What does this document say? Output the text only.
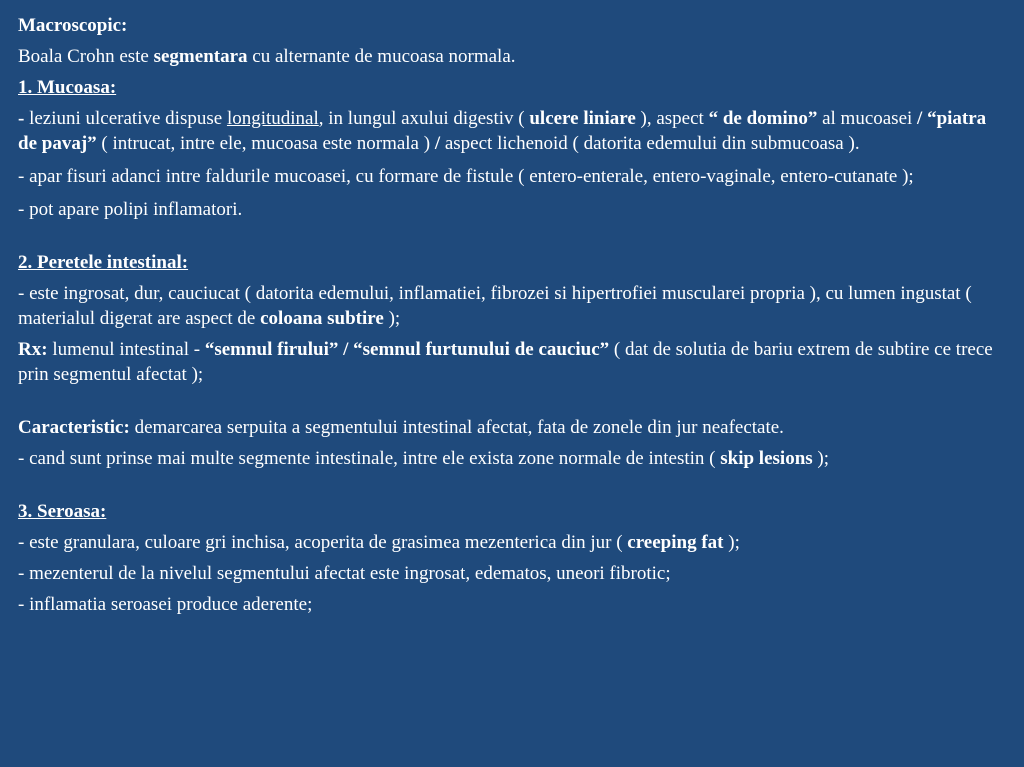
Macroscopic:

Boala Crohn este segmentara cu alternante de mucoasa normala.

1. Mucoasa:

- leziuni ulcerative dispuse longitudinal, in lungul axului digestiv ( ulcere liniare ), aspect “ de domino” al mucoasei / “piatra de pavaj” ( intrucat, intre ele, mucoasa este normala ) / aspect lichenoid ( datorita edemului din submucoasa ).

- apar fisuri adanci intre faldurile mucoasei, cu formare de fistule ( entero-enterale, entero-vaginale, entero-cutanate );

- pot apare polipi inflamatori.

2. Peretele intestinal:

- este ingrosat, dur, cauciucat ( datorita edemului, inflamatiei, fibrozei si hipertrofiei muscularei propria ), cu lumen ingustat ( materialul digerat are aspect de coloana subtire );

Rx: lumenul intestinal - “semnul firului” / “semnul furtunului de cauciuc” ( dat de solutia de bariu extrem de subtire ce trece prin segmentul afectat );

Caracteristic: demarcarea serpuita a segmentului intestinal afectat, fata de zonele din jur neafectate.

- cand sunt prinse mai multe segmente intestinale, intre ele exista zone normale de intestin ( skip lesions );

3. Seroasa:

- este granulara, culoare gri inchisa, acoperita de grasimea mezenterica din jur ( creeping fat );

- mezenterul de la nivelul segmentului afectat este ingrosat, edematos, uneori fibrotic;

- inflamatia seroasei produce aderente;
